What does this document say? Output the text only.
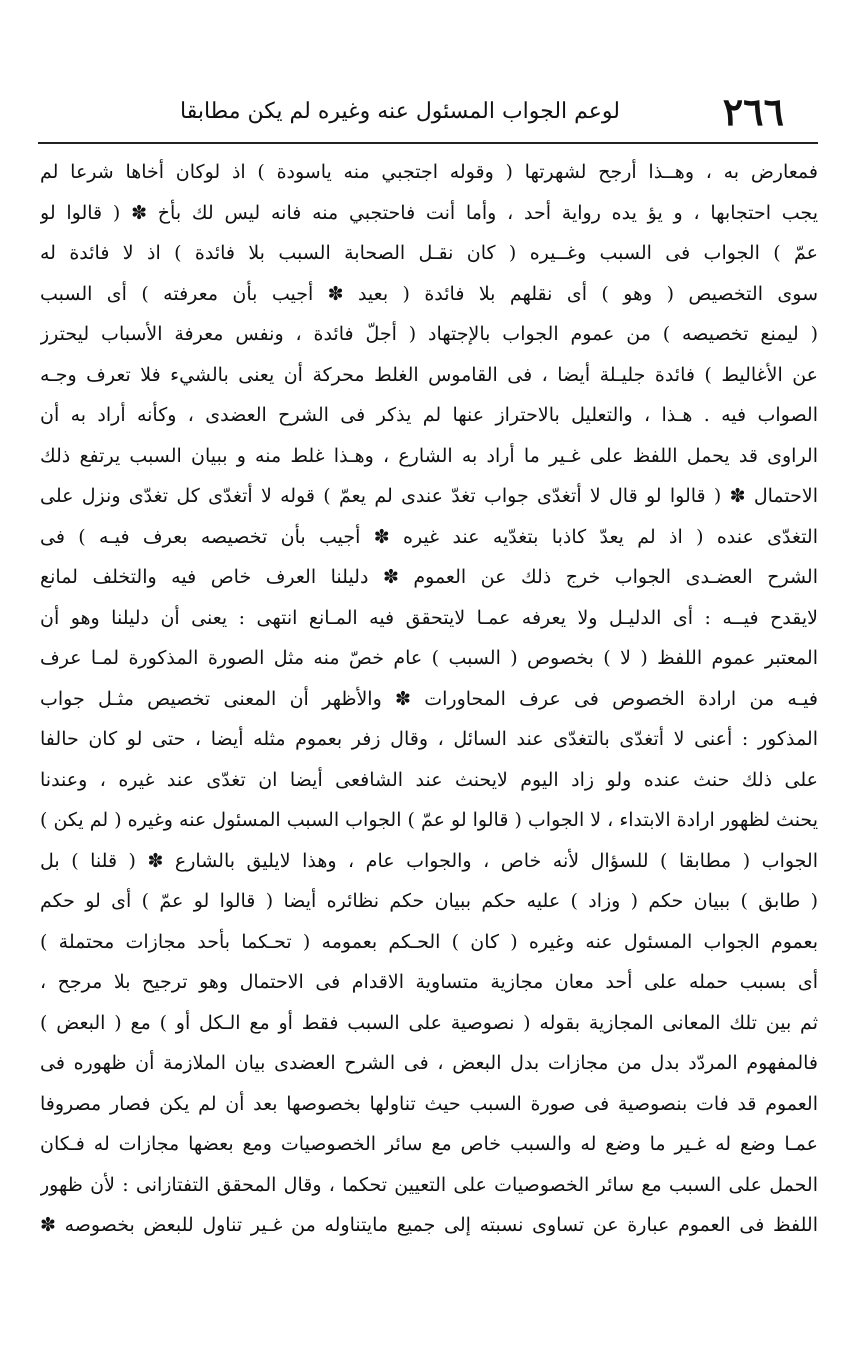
٢٦٦
لوعم الجواب المسئول عنه وغيره لم يكن مطابقا
فمعارض به ، وهــذا أرجح لشهرتها ( وقوله اجتجبي منه ياسودة ) اذ لوكان أخاها شرعا لم
يجب احتجابها ، و يؤ يده رواية أحد ، وأما أنت فاحتجبي منه فانه ليس لك بأخ ✽ ( قالوا لو
عمّ ) الجواب فى السبب وغــيره ( كان نقـل الصحابة السبب بلا فائدة ) اذ لا فائدة له
سوى التخصيص ( وهو ) أى نقلهم بلا فائدة ( بعيد ✽ أجيب بأن معرفته ) أى السبب
( ليمنع تخصيصه ) من عموم الجواب بالإجتهاد ( أجلّ فائدة ، ونفس معرفة الأسباب ليحترز
عن الأغاليط ) فائدة جليـلة أيضا ، فى القاموس الغلط محركة أن يعنى بالشيء فلا تعرف وجـه
الصواب فيه . هـذا ، والتعليل بالاحتراز عنها لم يذكر فى الشرح العضدى ، وكأنه أراد به أن
الراوى قد يحمل اللفظ على غـير ما أراد به الشارع ، وهـذا غلط منه و ببيان السبب يرتفع ذلك
الاحتمال ✽ ( قالوا لو قال لا أتغدّى جواب تغدّ عندى لم يعمّ ) قوله لا أتغدّى كل تغدّى ونزل على
التغدّى عنده ( اذ لم يعدّ كاذبا بتغدّيه عند غيره ✽ أجيب بأن تخصيصه بعرف فيـه ) فى
الشرح العضـدى الجواب خرج ذلك عن العموم ✽ دليلنا العرف خاص فيه والتخلف لمانع
لايقدح فيــه : أى الدليـل ولا يعرفه عمـا لايتحقق فيه المـانع انتهى : يعنى أن دليلنا وهو أن
المعتبر عموم اللفظ ( لا ) بخصوص ( السبب ) عام خصّ منه مثل الصورة المذكورة لمـا عرف
فيـه من ارادة الخصوص فى عرف المحاورات ✽ والأظهر أن المعنى تخصيص مثـل جواب
المذكور : أعنى لا أتغدّى بالتغدّى عند السائل ، وقال زفر بعموم مثله أيضا ، حتى لو كان حالفا
على ذلك حنث عنده ولو زاد اليوم لايحنث عند الشافعى أيضا ان تغدّى عند غيره ، وعندنا
يحنث لظهور ارادة الابتداء ، لا الجواب ( قالوا لو عمّ ) الجواب السبب المسئول عنه وغيره ( لم يكن )
الجواب ( مطابقا ) للسؤال لأنه خاص ، والجواب عام ، وهذا لايليق بالشارع ✽ ( قلنا ) بل
( طابق ) ببيان حكم ( وزاد ) عليه حكم ببيان حكم نظائره أيضا ( قالوا لو عمّ ) أى لو حكم
بعموم الجواب المسئول عنه وغيره ( كان ) الحـكم بعمومه ( تحـكما بأحد مجازات محتملة )
أى بسبب حمله على أحد معان مجازية متساوية الاقدام فى الاحتمال وهو ترجيح بلا مرجح ،
ثم بين تلك المعانى المجازية بقوله ( نصوصية على السبب فقط أو مع الـكل أو ) مع ( البعض )
فالمفهوم المردّد بدل من مجازات بدل البعض ، فى الشرح العضدى بيان الملازمة أن ظهوره فى
العموم قد فات بنصوصية فى صورة السبب حيث تناولها بخصوصها بعد أن لم يكن فصار مصروفا
عمـا وضع له غـير ما وضع له والسبب خاص مع سائر الخصوصيات ومع بعضها مجازات له فـكان
الحمل على السبب مع سائر الخصوصيات على التعيين تحكما ، وقال المحقق التفتازانى : لأن ظهور
اللفظ فى العموم عبارة عن تساوى نسبته إلى جميع مايتناوله من غـير تناول للبعض بخصوصه ✽
